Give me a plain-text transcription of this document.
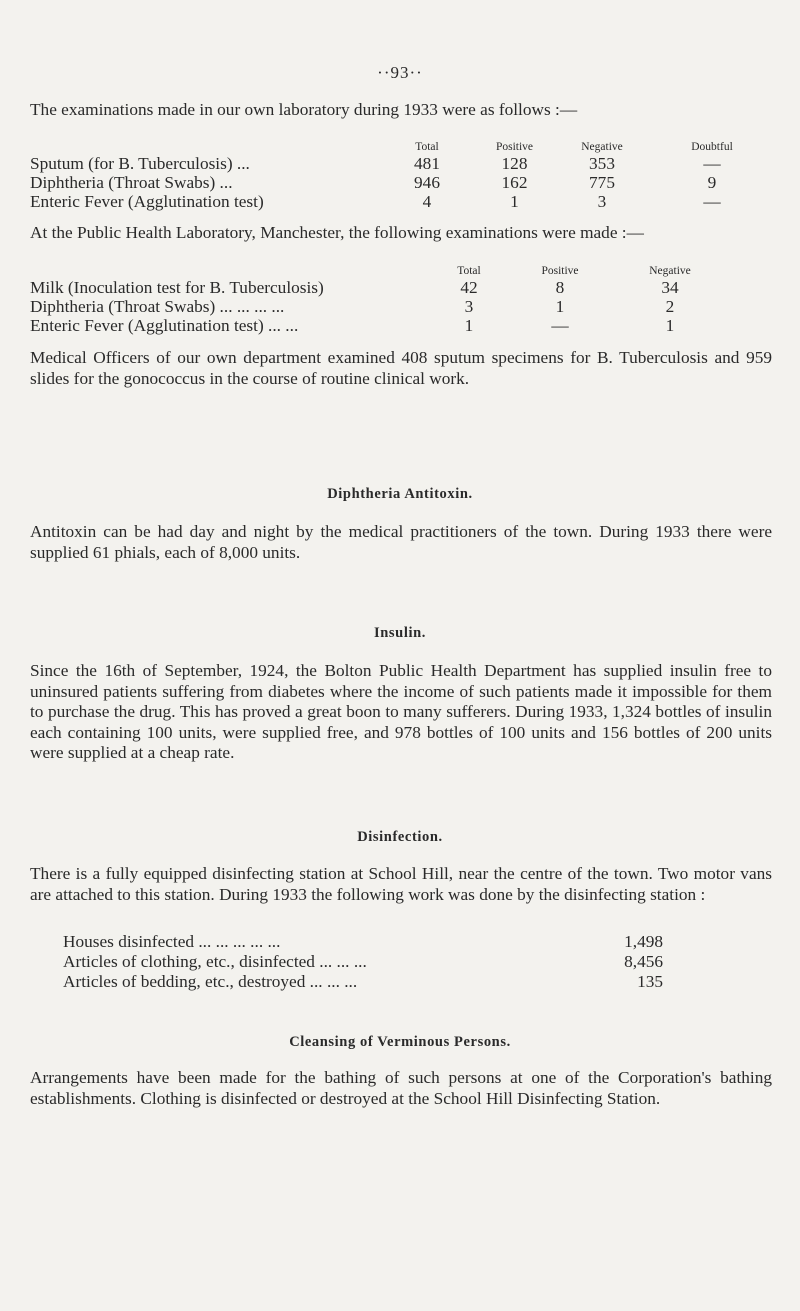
··93··

The examinations made in our own laboratory during 1933 were as follows :—

	Total	Positive	Negative	Doubtful
Sputum (for B. Tuberculosis) ...	481	128	353	—
Diphtheria (Throat Swabs) ...	946	162	775	9
Enteric Fever (Agglutination test)	4	1	3	—

At the Public Health Laboratory, Manchester, the following examinations were made :—

	Total	Positive	Negative
Milk (Inoculation test for B. Tuberculosis)	42	8	34
Diphtheria (Throat Swabs) ... ... ... ...	3	1	2
Enteric Fever (Agglutination test) ... ...	1	—	1

Medical Officers of our own department examined 408 sputum specimens for B. Tuberculosis and 959 slides for the gonococcus in the course of routine clinical work.

Diphtheria Antitoxin.

Antitoxin can be had day and night by the medical practitioners of the town. During 1933 there were supplied 61 phials, each of 8,000 units.

Insulin.

Since the 16th of September, 1924, the Bolton Public Health Department has supplied insulin free to uninsured patients suffering from diabetes where the income of such patients made it impossible for them to purchase the drug. This has proved a great boon to many sufferers. During 1933, 1,324 bottles of insulin each containing 100 units, were supplied free, and 978 bottles of 100 units and 156 bottles of 200 units were supplied at a cheap rate.

Disinfection.

There is a fully equipped disinfecting station at School Hill, near the centre of the town. Two motor vans are attached to this station. During 1933 the following work was done by the disinfecting station :

Houses disinfected ... ... ... ... ...	1,498
Articles of clothing, etc., disinfected ... ... ...	8,456
Articles of bedding, etc., destroyed ... ... ...	135
Cleansing of Verminous Persons.

Arrangements have been made for the bathing of such persons at one of the Corporation's bathing establishments. Clothing is disinfected or destroyed at the School Hill Disinfecting Station.
